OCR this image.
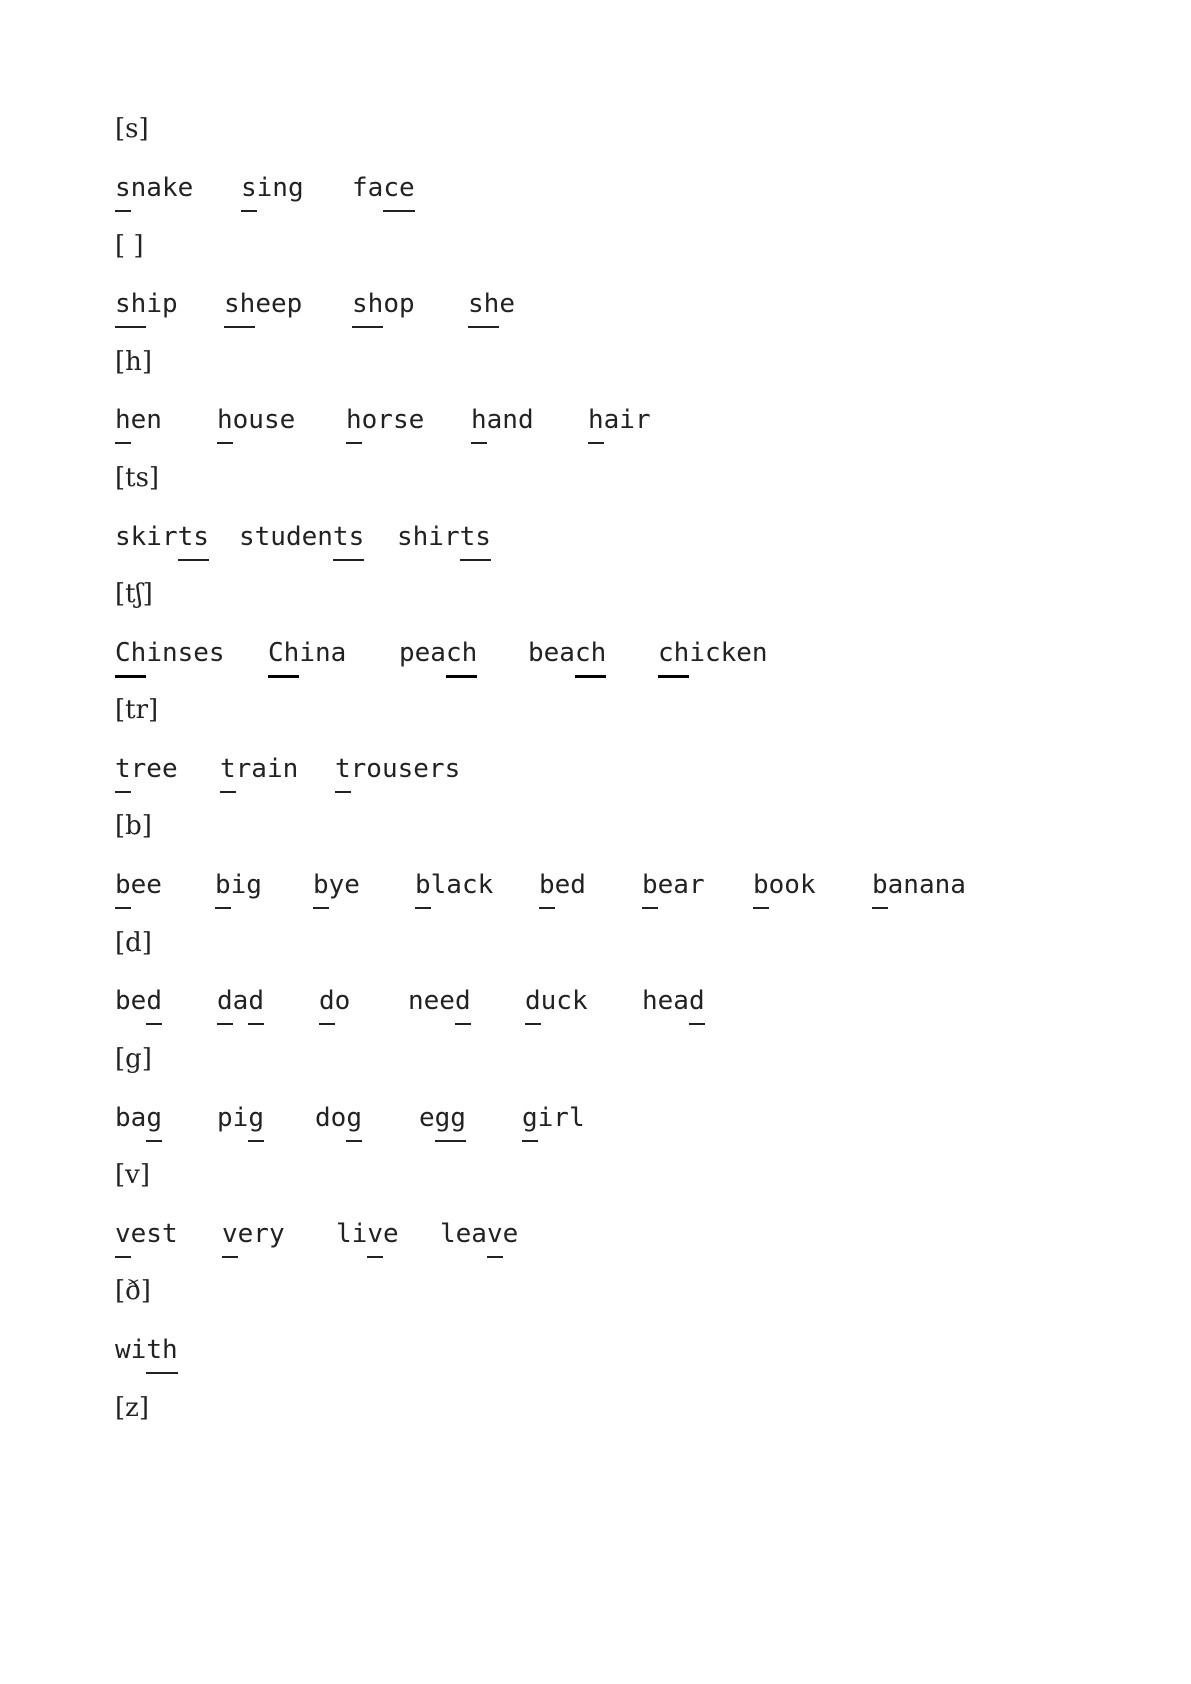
[s]
snake sing face
[ ]
ship sheep shop she
[h]
hen house horse hand hair
[ts]
skirts students shirts
[tʃ]
Chinses China peach beach chicken
[tr]
tree train trousers
[b]
bee big bye black bed bear book banana
[d]
bed dad do need duck head
[g]
bag pig dog egg girl
[v]
vest very live leave
[ð]
with
[z]
